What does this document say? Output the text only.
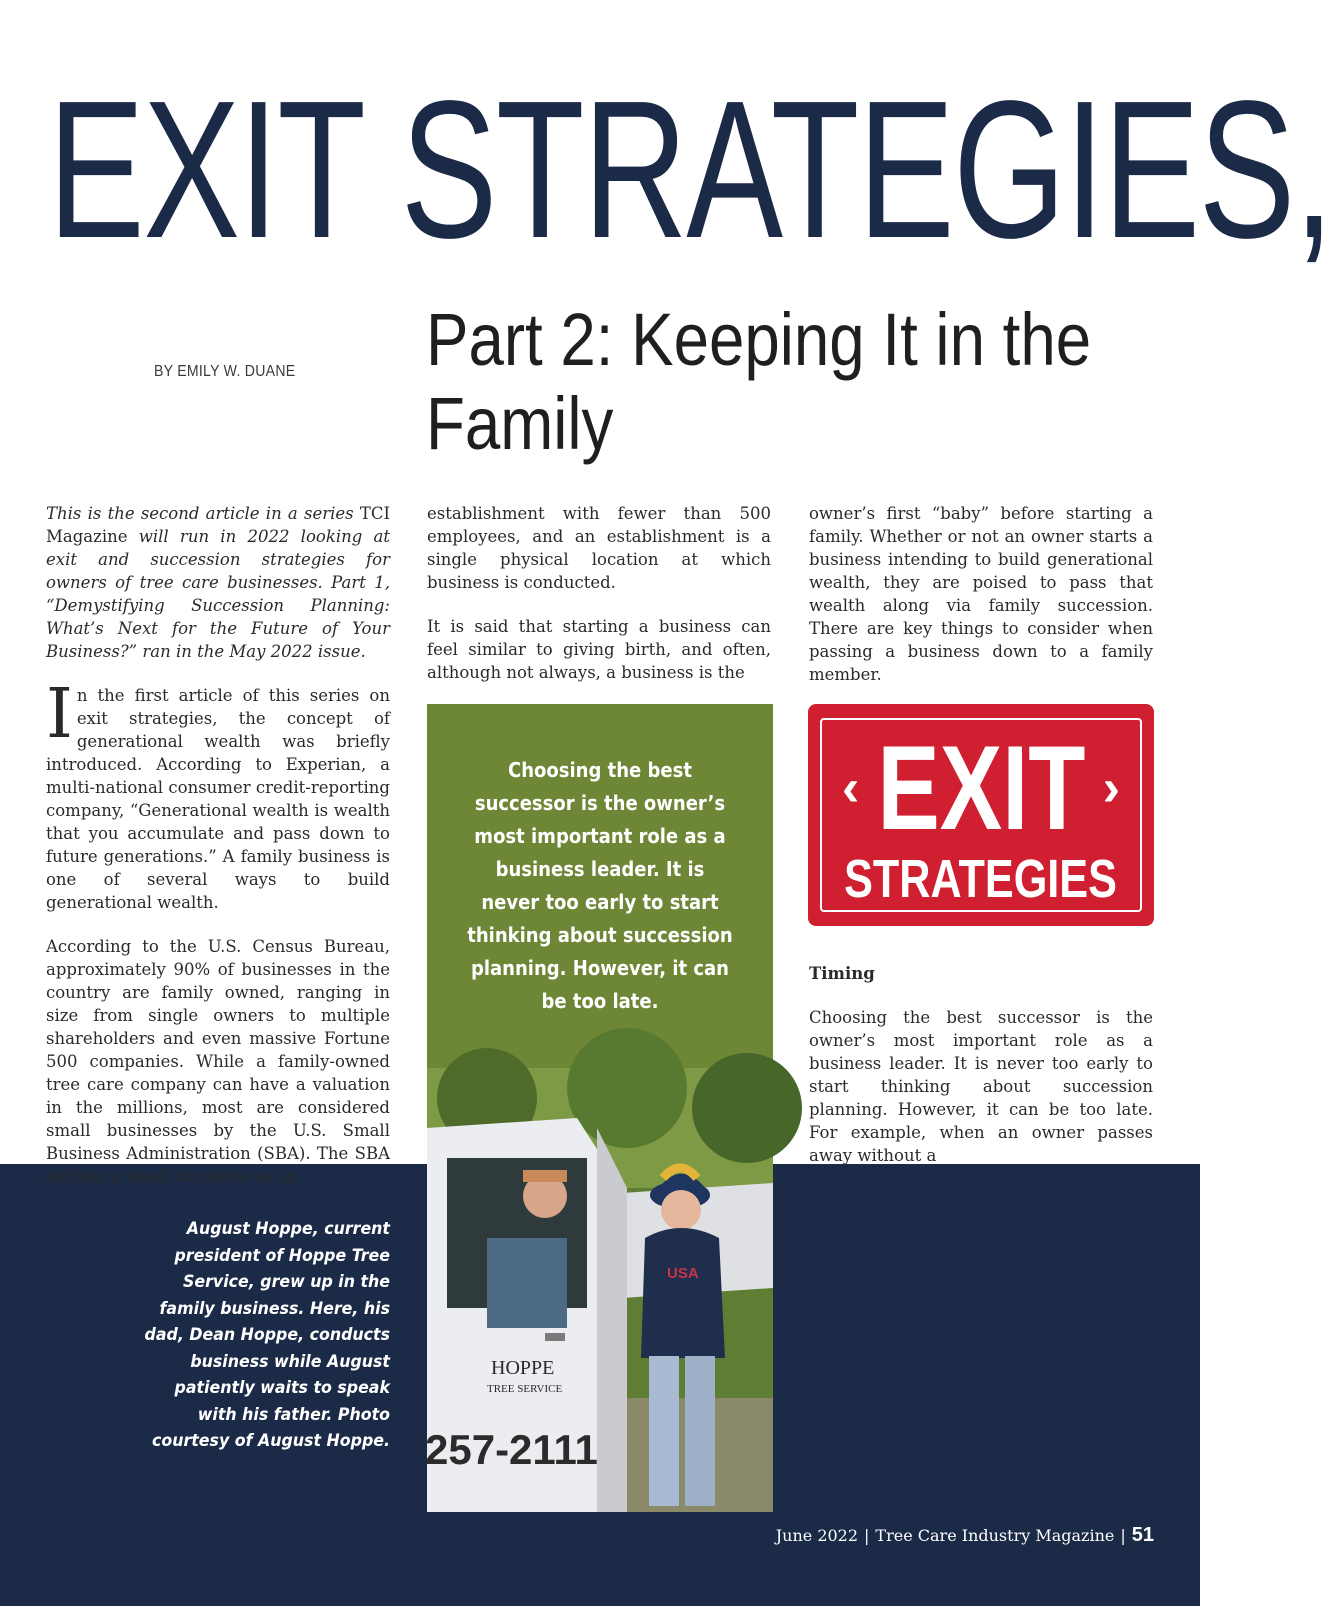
EXIT STRATEGIES,
Part 2: Keeping It in the Family
BY EMILY W. DUANE

This is the second article in a series TCI Magazine will run in 2022 looking at exit and succession strategies for owners of tree care businesses. Part 1, “Demystifying Succession Planning: What’s Next for the Future of Your Business?” ran in the May 2022 issue.

In the first article of this series on exit strategies, the concept of generational wealth was briefly introduced. According to Experian, a multi-national consumer credit-reporting company, “Generational wealth is wealth that you accumulate and pass down to future generations.” A family business is one of several ways to build generational wealth.

According to the U.S. Census Bureau, approximately 90% of businesses in the country are family owned, ranging in size from single owners to multiple shareholders and even massive Fortune 500 companies. While a family-owned tree care company can have a valuation in the millions, most are considered small businesses by the U.S. Small Business Administration (SBA). The SBA defines a small business as an

establishment with fewer than 500 employees, and an establishment is a single physical location at which business is conducted.

It is said that starting a business can feel similar to giving birth, and often, although not always, a business is the

owner’s first “baby” before starting a family. Whether or not an owner starts a business intending to build generational wealth, they are poised to pass that wealth along via family succession. There are key things to consider when passing a business down to a family member.

Timing

Choosing the best successor is the owner’s most important role as a business leader. It is never too early to start thinking about succession planning. However, it can be too late. For example, when an owner passes away without a

Choosing the best successor is the owner’s most important role as a business leader. It is never too early to start thinking about succession planning. However, it can be too late.

‹	›
EXIT
STRATEGIES
HOPPE
TREE SERVICE
257-2111
USA

August Hoppe, current president of Hoppe Tree Service, grew up in the family business. Here, his dad, Dean Hoppe, conducts business while August patiently waits to speak with his father. Photo courtesy of August Hoppe.

June 2022 | Tree Care Industry Magazine | 51
